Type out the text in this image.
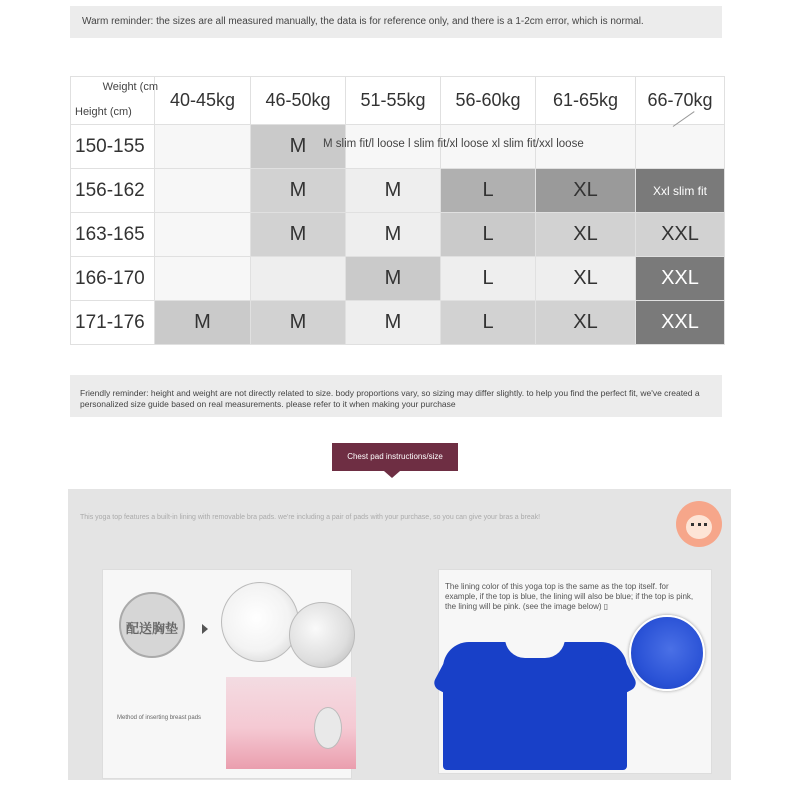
Warm reminder: the sizes are all measured manually, the data is for reference only, and there is a 1-2cm error, which is normal.

Weight (cm
Height (cm)	40-45kg	46-50kg	51-55kg	56-60kg	61-65kg	66-70kg
150-155		M				
156-162		M	M	L	XL	Xxl slim fit
163-165		M	M	L	XL	XXL
166-170			M	L	XL	XXL
171-176	M	M	M	L	XL	XXL
M slim fit/l loose l slim fit/xl loose xl slim fit/xxl loose

Friendly reminder: height and weight are not directly related to size. body proportions vary, so sizing may differ slightly. to help you find the perfect fit, we've created a personalized size guide based on real measurements. please refer to it when making your purchase

Chest pad instructions/size
This yoga top features a built-in lining with removable bra pads. we're including a pair of pads with your purchase, so you can give your bras a break!
配送胸垫
Method of inserting breast pads
The lining color of this yoga top is the same as the top itself. for example, if the top is blue, the lining will also be blue; if the top is pink, the lining will be pink. (see the image below) ▯
